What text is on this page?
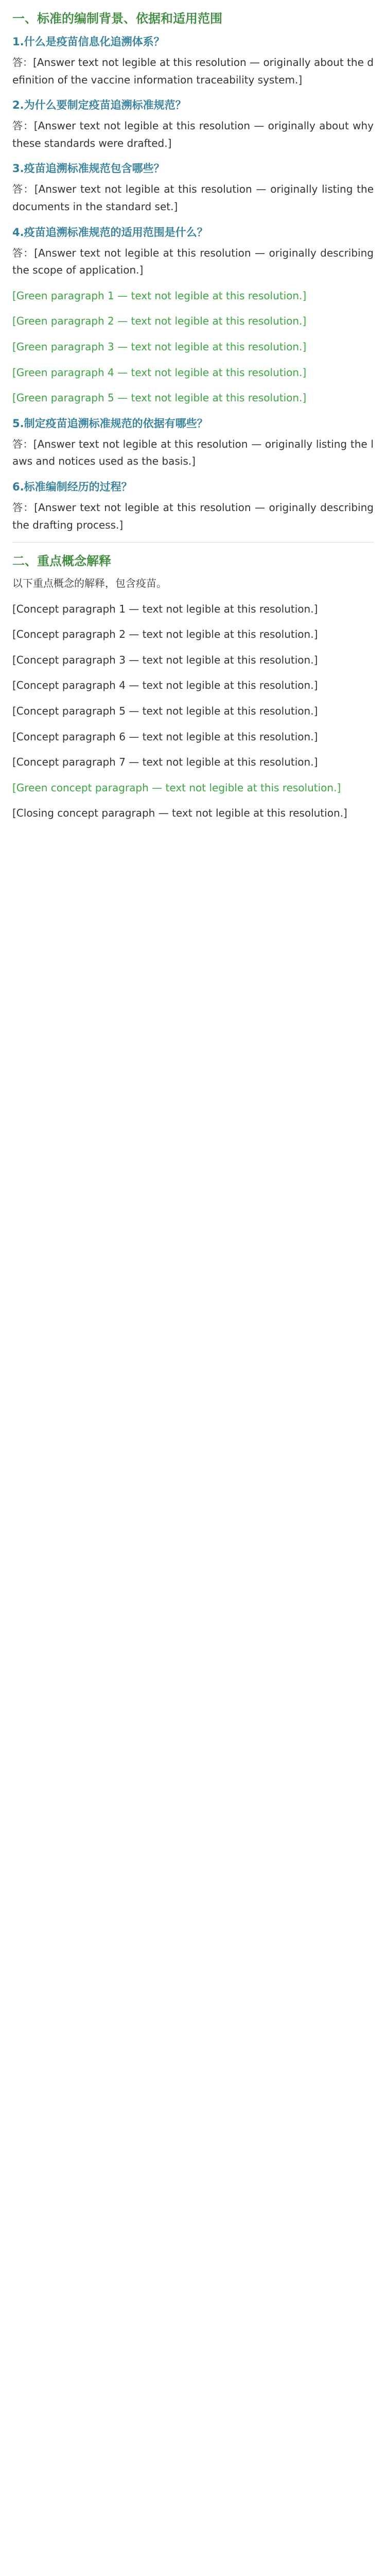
一、标准的编制背景、依据和适用范围
1.什么是疫苗信息化追溯体系？

答：[Answer text not legible at this resolution — originally about the definition of the vaccine information traceability system.]

2.为什么要制定疫苗追溯标准规范？

答：[Answer text not legible at this resolution — originally about why these standards were drafted.]

3.疫苗追溯标准规范包含哪些？

答：[Answer text not legible at this resolution — originally listing the documents in the standard set.]

4.疫苗追溯标准规范的适用范围是什么？

答：[Answer text not legible at this resolution — originally describing the scope of application.]

[Green paragraph 1 — text not legible at this resolution.]

[Green paragraph 2 — text not legible at this resolution.]

[Green paragraph 3 — text not legible at this resolution.]

[Green paragraph 4 — text not legible at this resolution.]

[Green paragraph 5 — text not legible at this resolution.]

5.制定疫苗追溯标准规范的依据有哪些？

答：[Answer text not legible at this resolution — originally listing the laws and notices used as the basis.]

6.标准编制经历的过程？

答：[Answer text not legible at this resolution — originally describing the drafting process.]

二、重点概念解释

以下重点概念的解释，包含疫苗。

[Concept paragraph 1 — text not legible at this resolution.]

[Concept paragraph 2 — text not legible at this resolution.]

[Concept paragraph 3 — text not legible at this resolution.]

[Concept paragraph 4 — text not legible at this resolution.]

[Concept paragraph 5 — text not legible at this resolution.]

[Concept paragraph 6 — text not legible at this resolution.]

[Concept paragraph 7 — text not legible at this resolution.]

[Green concept paragraph — text not legible at this resolution.]

[Closing concept paragraph — text not legible at this resolution.]
